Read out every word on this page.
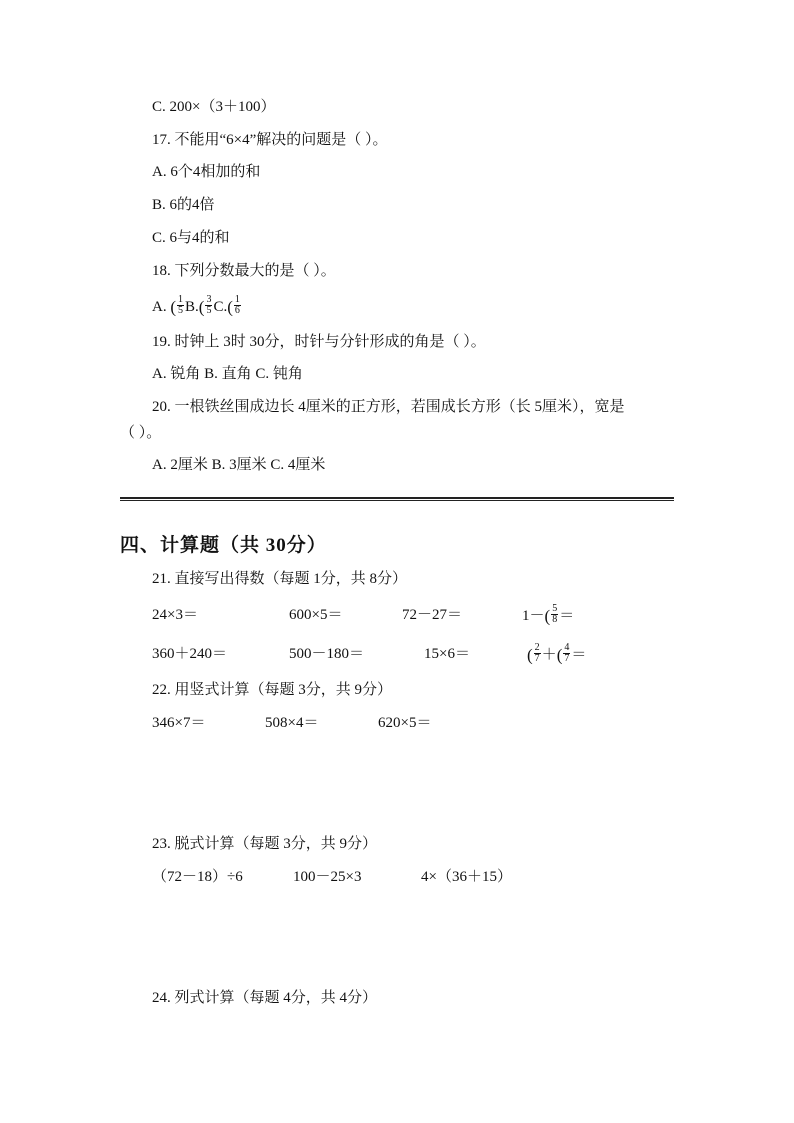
C. 200×（3＋100）
17. 不能用“6×4”解决的问题是（ ）。
A. 6个4相加的和
B. 6的4倍
C. 6与4的和
18. 下列分数最大的是（ ）。
A. ( $\frac{1}{5} B.( \frac{3}{5} C.( \frac{1}{6}$
19. 时钟上 3时 30分，时针与分针形成的角是（ ）。
A. 锐角 B. 直角 C. 钝角
20. 一根铁丝围成边长 4厘米的正方形，若围成长方形（长 5厘米），宽是
（ ）。
A. 2厘米 B. 3厘米 C. 4厘米
四、计算题（共 30分）
21. 直接写出得数（每题 1分，共 8分）
24×3＝	600×5＝	72－27＝	$1-( \frac{5}{8}$ ＝
360＋240＝	500－180＝	15×6＝	( $\frac{2}{7}$ ＋( $\frac{4}{7}$ ＝
22. 用竖式计算（每题 3分，共 9分）
346×7＝	508×4＝	620×5＝
23. 脱式计算（每题 3分，共 9分）
（72－18）÷6	100－25×3	4×（36＋15）
24. 列式计算（每题 4分，共 4分）
